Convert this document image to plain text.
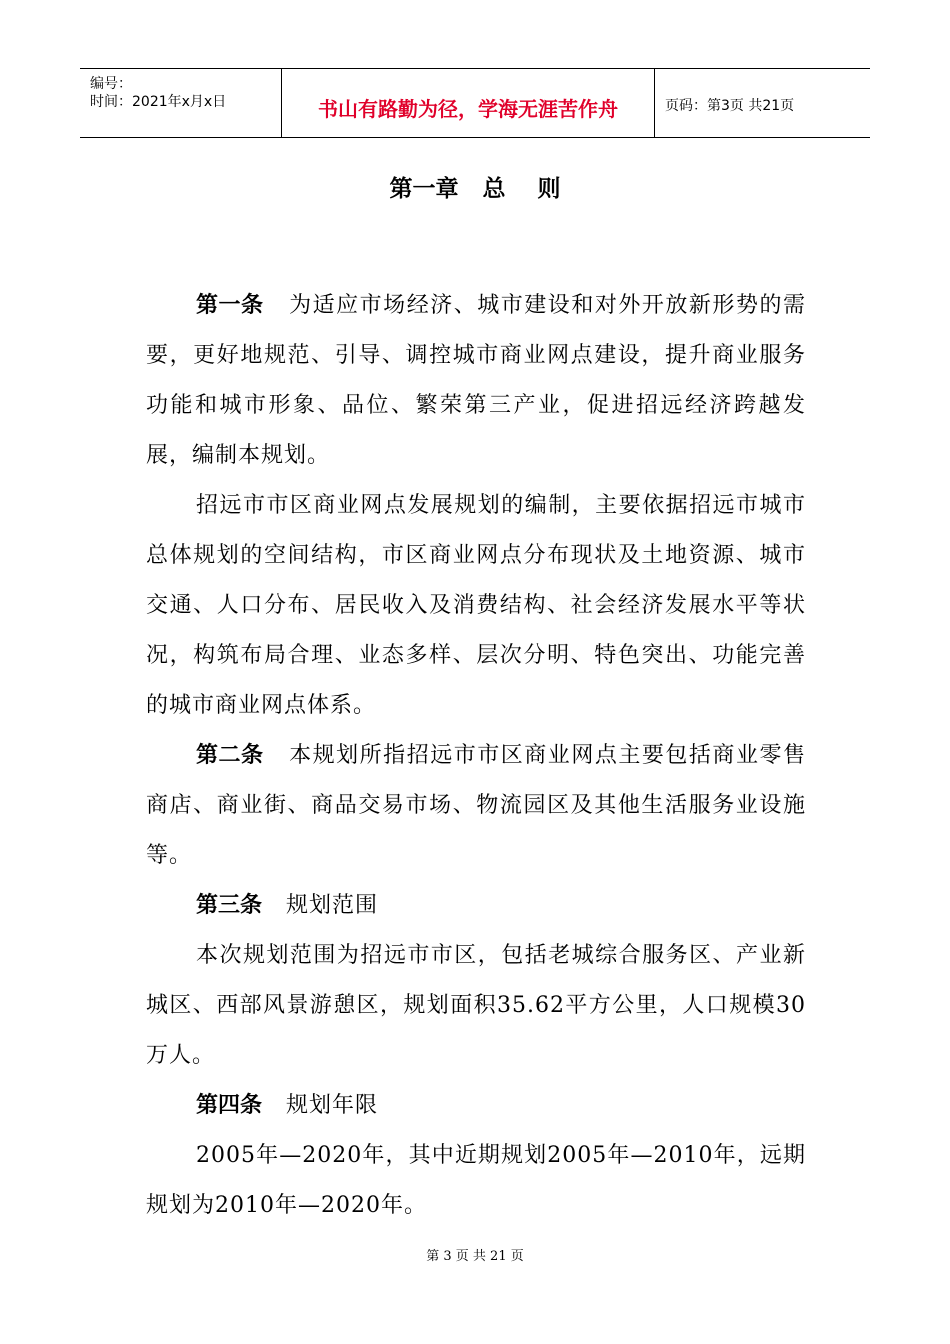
编号：
时间：2021年x月x日	书山有路勤为径，学海无涯苦作舟	页码：第3页 共21页
第一章   总    则

第一条 为适应市场经济、城市建设和对外开放新形势的需要，更好地规范、引导、调控城市商业网点建设，提升商业服务功能和城市形象、品位、繁荣第三产业，促进招远经济跨越发展，编制本规划。

招远市市区商业网点发展规划的编制，主要依据招远市城市总体规划的空间结构，市区商业网点分布现状及土地资源、城市交通、人口分布、居民收入及消费结构、社会经济发展水平等状况，构筑布局合理、业态多样、层次分明、特色突出、功能完善的城市商业网点体系。

第二条 本规划所指招远市市区商业网点主要包括商业零售商店、商业街、商品交易市场、物流园区及其他生活服务业设施等。

第三条 规划范围

本次规划范围为招远市市区，包括老城综合服务区、产业新城区、西部风景游憩区，规划面积35.62平方公里，人口规模30万人。

第四条 规划年限

2005年—2020年，其中近期规划2005年—2010年，远期规划为2010年—2020年。

第 3 页 共 21 页
